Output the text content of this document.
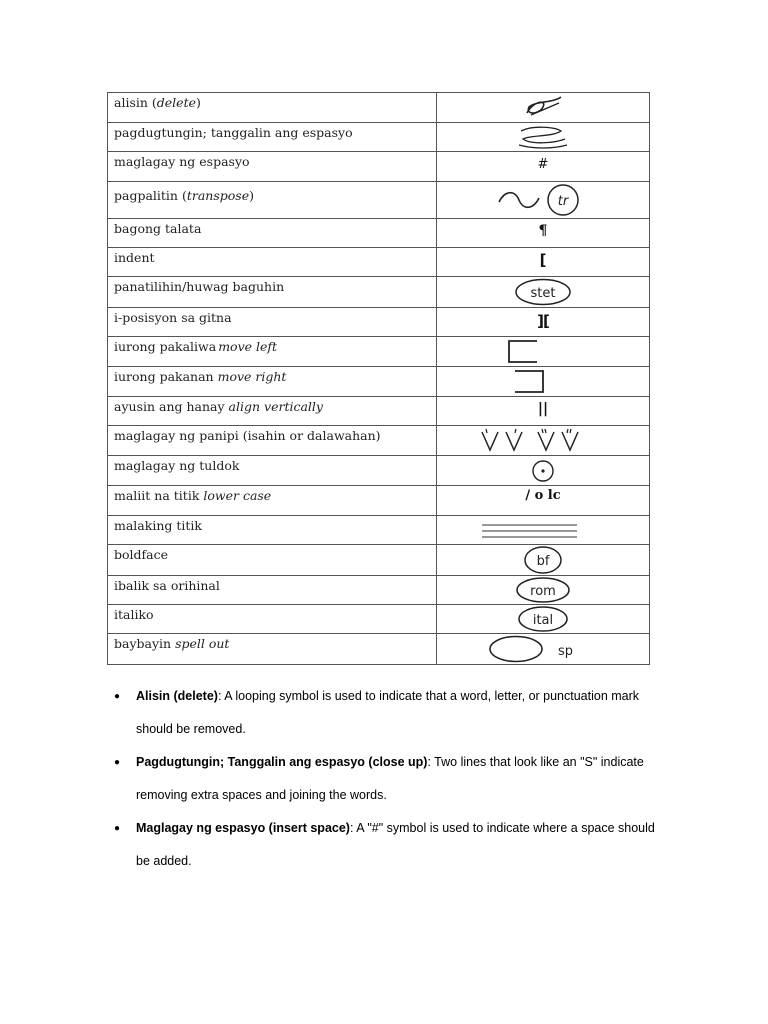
alisin (delete)

pagdugtungin; tanggalin ang espasyo

maglagay ng espasyo	#

pagpalitin (transpose)	tr

bagong talata	¶

indent	[

panatilihin/huwag baguhin	stet

i-posisyon sa gitna	][

iurong pakaliwa move left

iurong pakanan move right

ayusin ang hanay align vertically	||

maglagay ng panipi (isahin or dalawahan)

maglagay ng tuldok

maliit na titik lower case	/ o lc

malaking titik

boldface	bf

ibalik sa orihinal	rom

italiko	ital

baybayin spell out	sp
● Alisin (delete): A looping symbol is used to indicate that a word, letter, or punctuation mark should be removed.
● Pagdugtungin; Tanggalin ang espasyo (close up): Two lines that look like an "S" indicate removing extra spaces and joining the words.
● Maglagay ng espasyo (insert space): A "#" symbol is used to indicate where a space should be added.
